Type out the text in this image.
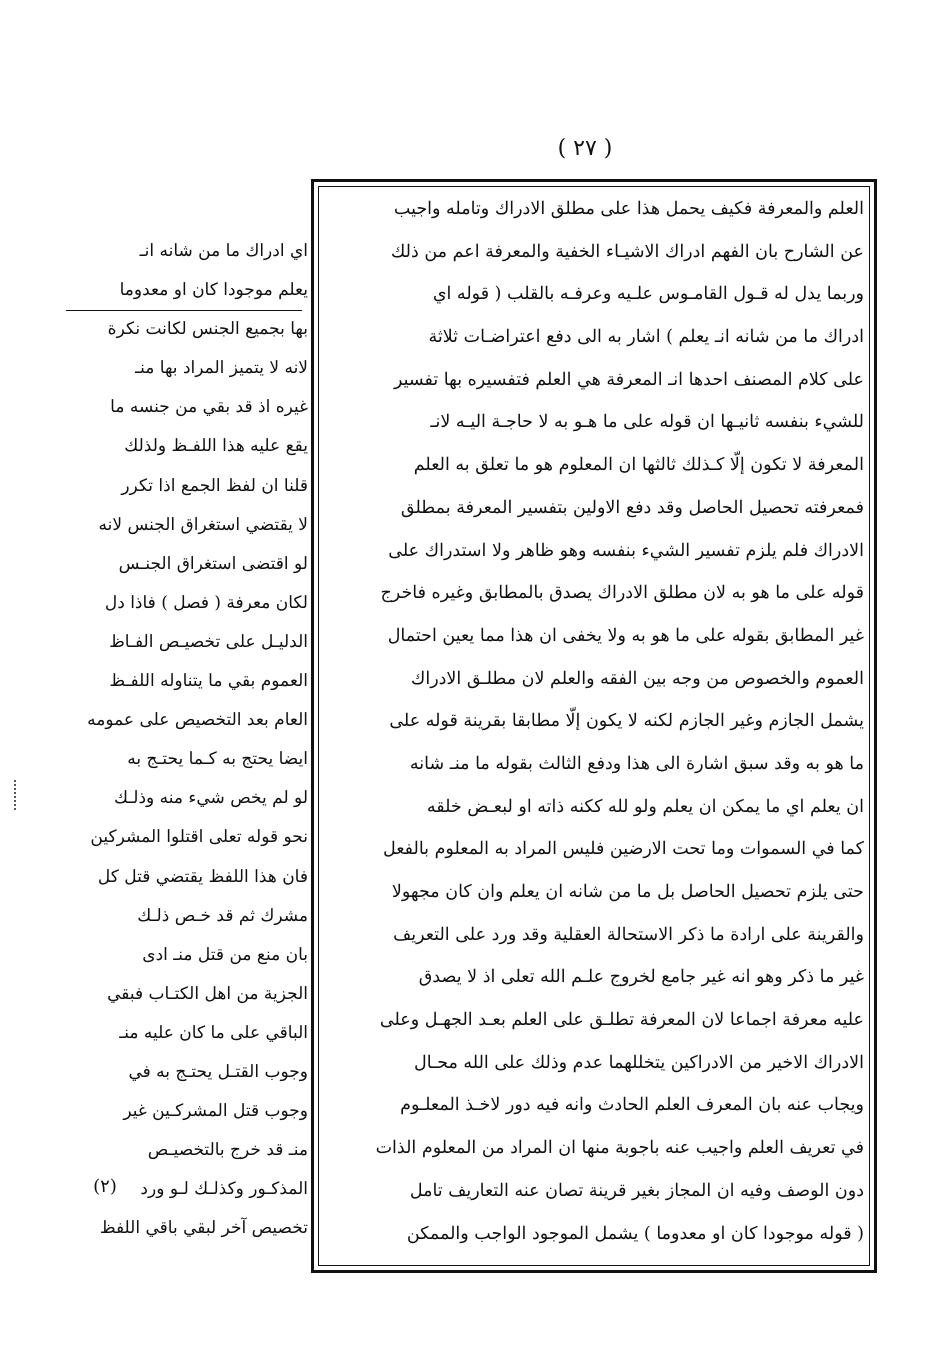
( ٢٧ )
العلم والمعرفة فكيف يحمل هذا على مطلق الادراك وتامله واجيب
عن الشارح بان الفهم ادراك الاشيـاء الخفية والمعرفة اعم من ذلك
وربما يدل له قـول القامـوس علـيه وعرفـه بالقلب ( قوله اي
ادراك ما من شانه انـ يعلم ) اشار به الى دفع اعتراضـات ثلاثة
على كلام المصنف احدها انـ المعرفة هي العلم فتفسيره بها تفسير
للشيء بنفسه ثانيـها ان قوله على ما هـو به لا حاجـة اليـه لانـ
المعرفة لا تكون إلّا كـذلك ثالثها ان المعلوم هو ما تعلق به العلم
فمعرفته تحصيل الحاصل وقد دفع الاولين بتفسير المعرفة بمطلق
الادراك فلم يلزم تفسير الشيء بنفسه وهو ظاهر ولا استدراك على
قوله على ما هو به لان مطلق الادراك يصدق بالمطابق وغيره فاخرج
غير المطابق بقوله على ما هو به ولا يخفى ان هذا مما يعين احتمال
العموم والخصوص من وجه بين الفقه والعلم لان مطلـق الادراك
يشمل الجازم وغير الجازم لكنه لا يكون إلّا مطابقا بقرينة قوله على
ما هو به وقد سبق اشارة الى هذا ودفع الثالث بقوله ما منـ شانه
ان يعلم اي ما يمكن ان يعلم ولو لله ككنه ذاته او لبعـض خلقه
كما في السموات وما تحت الارضين فليس المراد به المعلوم بالفعل
حتى يلزم تحصيل الحاصل بل ما من شانه ان يعلم وان كان مجهولا
والقرينة على ارادة ما ذكر الاستحالة العقلية وقد ورد على التعريف
غير ما ذكر وهو انه غير جامع لخروج علـم الله تعلى اذ لا يصدق
عليه معرفة اجماعا لان المعرفة تطلـق على العلم بعـد الجهـل وعلى
الادراك الاخير من الادراكين يتخللهما عدم وذلك على الله محـال
ويجاب عنه بان المعرف العلم الحادث وانه فيه دور لاخـذ المعلـوم
في تعريف العلم واجيب عنه باجوبة منها ان المراد من المعلوم الذات
دون الوصف وفيه ان المجاز بغير قرينة تصان عنه التعاريف تامل
( قوله موجودا كان او معدوما ) يشمل الموجود الواجب والممكن
اي ادراك ما من شانه انـ
يعلم موجودا كان او معدوما
بها بجميع الجنس لكانت نكرة
لانه لا يتميز المراد بها منـ
غيره اذ قد بقي من جنسه ما
يقع عليه هذا اللفـظ ولذلك
قلنا ان لفظ الجمع اذا تكرر
لا يقتضي استغراق الجنس لانه
لو اقتضى استغراق الجنـس
لكان معرفة ( فصل ) فاذا دل
الدليـل على تخصيـص الفـاظ
العموم بقي ما يتناوله اللفـظ
العام بعد التخصيص على عمومه
ايضا يحتج به كـما يحتـج به
لو لم يخص شيء منه وذلـك
نحو قوله تعلى اقتلوا المشركين
فان هذا اللفظ يقتضي قتل كل
مشرك ثم قد خـص ذلـك
بان منع من قتل منـ ادى
الجزية من اهل الكتـاب فبقي
الباقي على ما كان عليه منـ
وجوب القتـل يحتـج به في
وجوب قتل المشركـين غير
منـ قد خرج بالتخصيـص
المذكـور وكذلـك لـو ورد
تخصيص آخر لبقي باقي اللفظ
(٢)
